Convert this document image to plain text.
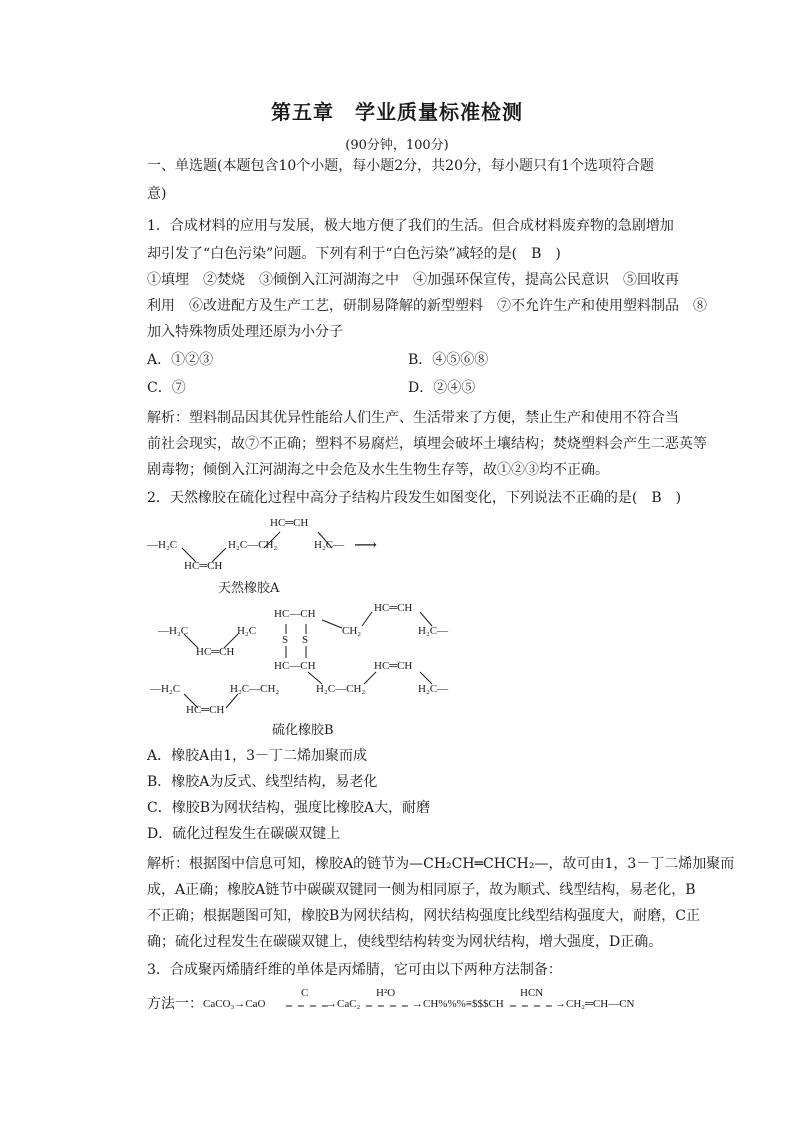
第五章　学业质量标准检测
(90分钟，100分)
一、单选题(本题包含10个小题，每小题2分，共20分，每小题只有1个选项符合题
意)
1．合成材料的应用与发展，极大地方便了我们的生活。但合成材料废弃物的急剧增加
却引发了“白色污染”问题。下列有利于“白色污染”减轻的是(　B　)
①填埋　②焚烧　③倾倒入江河湖海之中　④加强环保宣传，提高公民意识　⑤回收再
利用　⑥改进配方及生产工艺，研制易降解的新型塑料　⑦不允许生产和使用塑料制品　⑧
加入特殊物质处理还原为小分子
A．①②③	B．④⑤⑥⑧
C．⑦	D．②④⑤
解析：塑料制品因其优异性能给人们生产、生活带来了方便，禁止生产和使用不符合当
前社会现实，故⑦不正确；塑料不易腐烂，填埋会破坏土壤结构；焚烧塑料会产生二恶英等
剧毒物；倾倒入江河湖海之中会危及水生生物生存等，故①②③均不正确。
2．天然橡胶在硫化过程中高分子结构片段发生如图变化，下列说法不正确的是(　B　)
HC═CH
—H₂C	H₂C—CH₂	H₂C— ⟶
HC═CH
天然橡胶A
HC—CH	HC═CH
—H₂C	H₂C
S S
CH₂	H₂C—
HC═CH
HC—CH	HC═CH
—H₂C	H₂C—CH₂	H₂C—CH₂	H₂C—
HC═CH
硫化橡胶B
A．橡胶A由1，3－丁二烯加聚而成
B．橡胶A为反式、线型结构，易老化
C．橡胶B为网状结构，强度比橡胶A大，耐磨
D．硫化过程发生在碳碳双键上
解析：根据图中信息可知，橡胶A的链节为—CH₂CH═CHCH₂—，故可由1，3－丁二烯加聚而
成，A正确；橡胶A链节中碳碳双键同一侧为相同原子，故为顺式、线型结构，易老化，B
不正确；根据题图可知，橡胶B为网状结构，网状结构强度比线型结构强度大，耐磨，C正
确；硫化过程发生在碳碳双键上，使线型结构转变为网状结构，增大强度，D正确。
3．合成聚丙烯腈纤维的单体是丙烯腈，它可由以下两种方法制备：
方法一： CaCO₃→CaO
C
→CaC₂
H²O
→CH%%%≡$$$CH
HCN
→CH₂═CH—CN
